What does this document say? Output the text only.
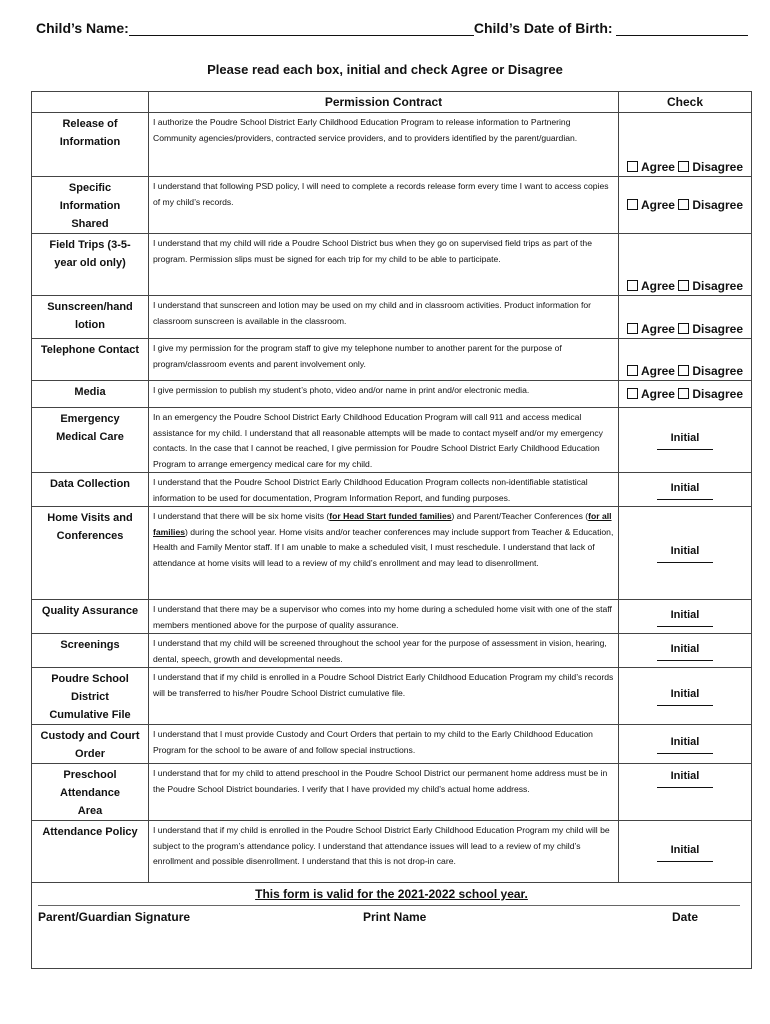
Child’s Name:	Child’s Date of Birth:
Please read each box, initial and check Agree or Disagree
	Permission Contract	Check
Release of Information	I authorize the Poudre School District Early Childhood Education Program to release information to Partnering Community agencies/providers, contracted service providers, and to providers identified by the parent/guardian.	Agree Disagree
Specific Information Shared	I understand that following PSD policy, I will need to complete a records release form every time I want to access copies of my child’s records.	Agree Disagree
Field Trips (3-5-year old only)	I understand that my child will ride a Poudre School District bus when they go on supervised field trips as part of the program. Permission slips must be signed for each trip for my child to be able to participate.	Agree Disagree
Sunscreen/hand lotion	I understand that sunscreen and lotion may be used on my child and in classroom activities. Product information for classroom sunscreen is available in the classroom.	Agree Disagree
Telephone Contact	I give my permission for the program staff to give my telephone number to another parent for the purpose of program/classroom events and parent involvement only.	Agree Disagree
Media	I give permission to publish my student’s photo, video and/or name in print and/or electronic media.	Agree Disagree
Emergency Medical Care	In an emergency the Poudre School District Early Childhood Education Program will call 911 and access medical assistance for my child. I understand that all reasonable attempts will be made to contact myself and/or my emergency contacts. In the case that I cannot be reached, I give permission for Poudre School District Early Childhood Education Program to arrange emergency medical care for my child.	Initial

Data Collection	I understand that the Poudre School District Early Childhood Education Program collects non-identifiable statistical information to be used for documentation, Program Information Report, and funding purposes.	Initial

Home Visits and Conferences	I understand that there will be six home visits (for Head Start funded families) and Parent/Teacher Conferences (for all families) during the school year. Home visits and/or teacher conferences may include support from Teacher & Education, Health and Family Mentor staff. If I am unable to make a scheduled visit, I must reschedule. I understand that lack of attendance at home visits will lead to a review of my child’s enrollment and may lead to disenrollment.	Initial

Quality Assurance	I understand that there may be a supervisor who comes into my home during a scheduled home visit with one of the staff members mentioned above for the purpose of quality assurance.	Initial

Screenings	I understand that my child will be screened throughout the school year for the purpose of assessment in vision, hearing, dental, speech, growth and developmental needs.	Initial

Poudre School District Cumulative File	I understand that if my child is enrolled in a Poudre School District Early Childhood Education Program my child’s records will be transferred to his/her Poudre School District cumulative file.	Initial

Custody and Court Order	I understand that I must provide Custody and Court Orders that pertain to my child to the Early Childhood Education Program for the school to be aware of and follow special instructions.	Initial

Preschool Attendance Area	I understand that for my child to attend preschool in the Poudre School District our permanent home address must be in the Poudre School District boundaries. I verify that I have provided my child’s actual home address.	Initial

Attendance Policy	I understand that if my child is enrolled in the Poudre School District Early Childhood Education Program my child will be subject to the program’s attendance policy. I understand that attendance issues will lead to a review of my child’s enrollment and possible disenrollment. I understand that this is not drop-in care.	Initial

This form is valid for the 2021-2022 school year.		
Parent/Guardian Signature	Print Name	Date
